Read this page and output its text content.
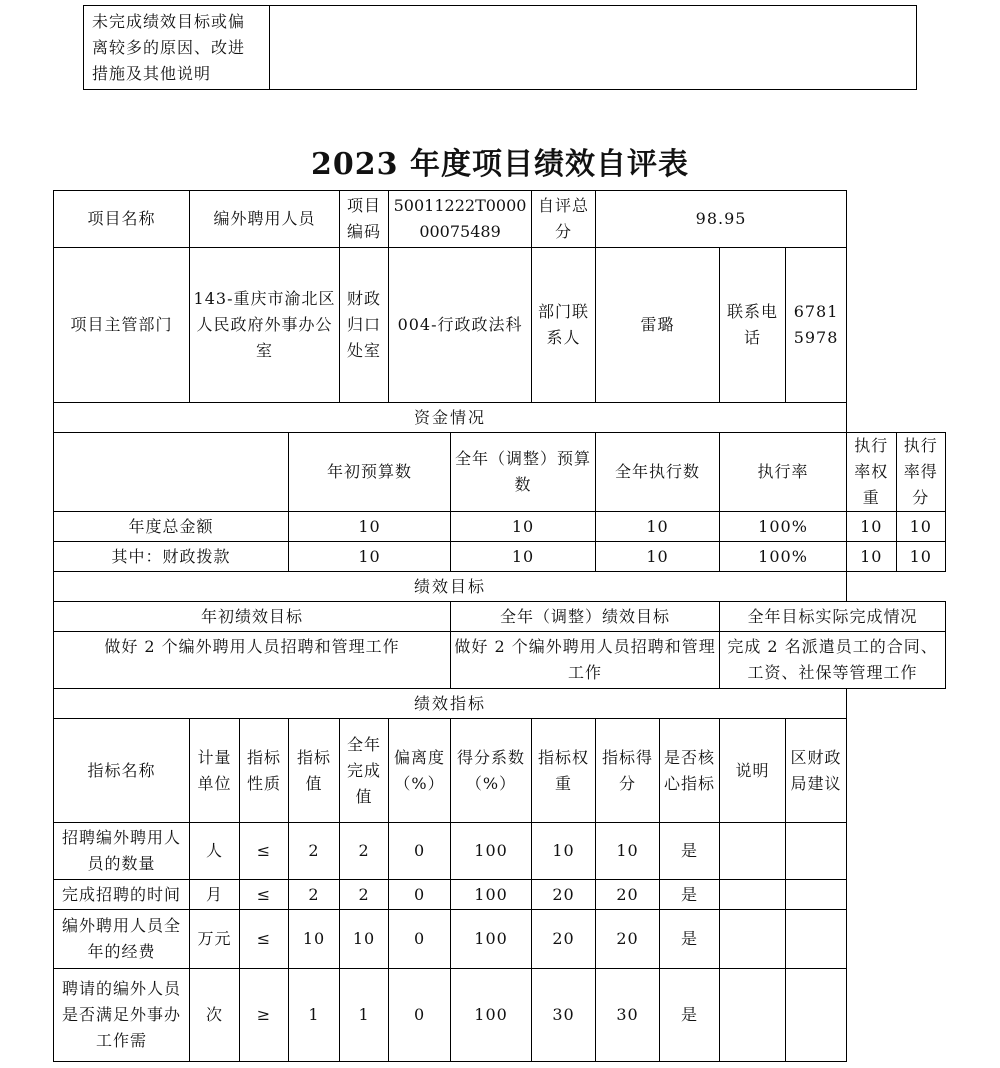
未完成绩效目标或偏离较多的原因、改进措施及其他说明	
2023 年度项目绩效自评表
项目名称	编外聘用人员			项目编码	50011222T000000075489		自评总分	98.95					
项目主管部门	143-重庆市渝北区人民政府外事办公室			财政归口处室	004-行政政法科		部门联系人	雷璐		联系电话	67815978		
资金情况													
			年初预算数			全年（调整）预算数		全年执行数		执行率		执行率权重	执行率得分
年度总金额			10			10		10		100%		10	10
其中：财政拨款			10			10		10		100%		10	10
绩效目标													
年初绩效目标						全年（调整）绩效目标				全年目标实际完成情况			
做好 2 个编外聘用人员招聘和管理工作						做好 2 个编外聘用人员招聘和管理工作				完成 2 名派遣员工的合同、工资、社保等管理工作			
绩效指标													
指标名称	计量单位	指标性质	指标值	全年完成值	偏离度（%）	得分系数（%）	指标权重	指标得分	是否核心指标	说明	区财政局建议		
招聘编外聘用人员的数量	人	≤	2	2	0	100	10	10	是				
完成招聘的时间	月	≤	2	2	0	100	20	20	是				
编外聘用人员全年的经费	万元	≤	10	10	0	100	20	20	是				
聘请的编外人员是否满足外事办工作需	次	≥	1	1	0	100	30	30	是				
